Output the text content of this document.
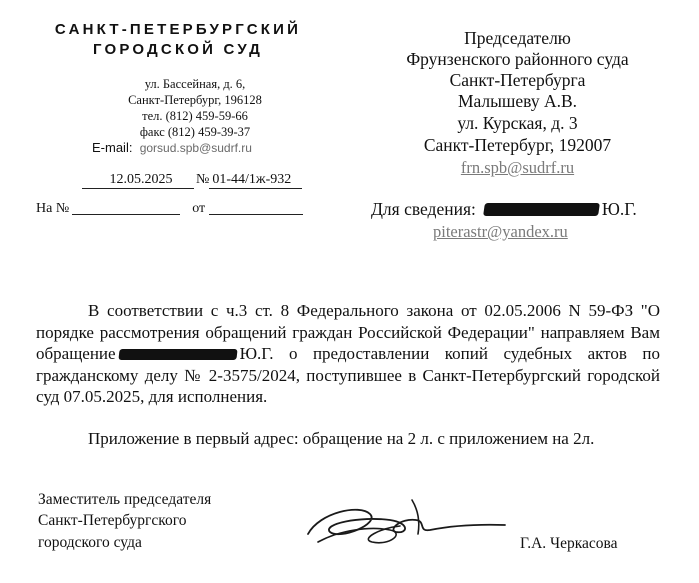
САНКТ-ПЕТЕРБУРГСКИЙ
ГОРОДСКОЙ СУД
ул. Бассейная, д. 6,
Санкт-Петербург, 196128
тел. (812) 459-59-66
факс (812) 459-39-37
E-mail: gorsud.spb@sudrf.ru
12.05.2025 № 01-44/1ж-932
На №	от
Председателю
Фрунзенского районного суда
Санкт-Петербурга
Малышеву А.В.
ул. Курская, д. 3
Санкт-Петербург, 192007
frn.spb@sudrf.ru
Для сведения:	Ю.Г.
piterastr@yandex.ru
В соответствии с ч.3 ст. 8 Федерального закона от 02.05.2006 N 59-ФЗ "О порядке рассмотрения обращений граждан Российской Федерации" направляем Вам обращение	Ю.Г. о предоставлении копий судебных актов по гражданскому делу № 2-3575/2024, поступившее в Санкт-Петербургский городской суд 07.05.2025, для исполнения.
Приложение в первый адрес: обращение на 2 л. с приложением на 2л.
Заместитель председателя
Санкт-Петербургского
городского суда	Г.А. Черкасова
